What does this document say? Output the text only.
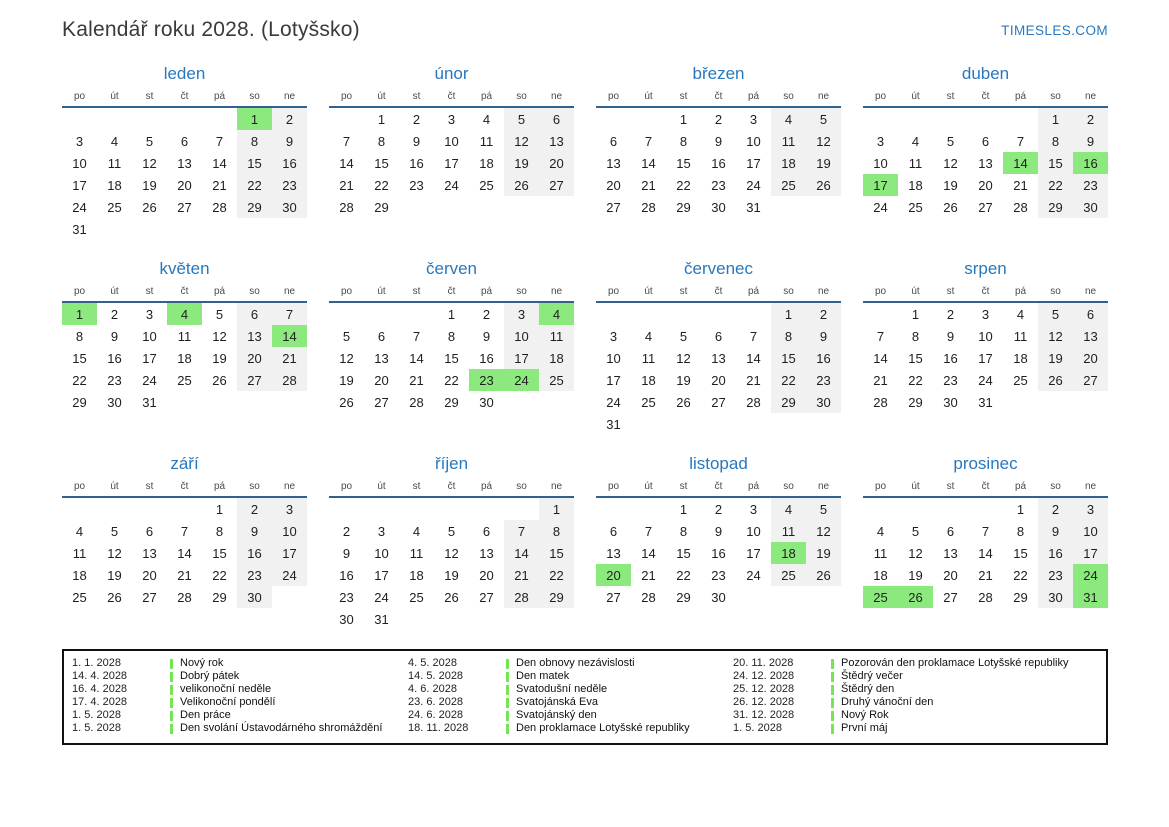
Kalendář roku 2028. (Lotyšsko)	TIMESLES.COM
leden
po	út	st	čt	pá	so	ne
					1	2
3	4	5	6	7	8	9
10	11	12	13	14	15	16
17	18	19	20	21	22	23
24	25	26	27	28	29	30
31						
únor
po	út	st	čt	pá	so	ne
	1	2	3	4	5	6
7	8	9	10	11	12	13
14	15	16	17	18	19	20
21	22	23	24	25	26	27
28	29					
březen
po	út	st	čt	pá	so	ne
		1	2	3	4	5
6	7	8	9	10	11	12
13	14	15	16	17	18	19
20	21	22	23	24	25	26
27	28	29	30	31		
duben
po	út	st	čt	pá	so	ne
					1	2
3	4	5	6	7	8	9
10	11	12	13	14	15	16
17	18	19	20	21	22	23
24	25	26	27	28	29	30
květen
po	út	st	čt	pá	so	ne
1	2	3	4	5	6	7
8	9	10	11	12	13	14
15	16	17	18	19	20	21
22	23	24	25	26	27	28
29	30	31				
červen
po	út	st	čt	pá	so	ne
			1	2	3	4
5	6	7	8	9	10	11
12	13	14	15	16	17	18
19	20	21	22	23	24	25
26	27	28	29	30		
červenec
po	út	st	čt	pá	so	ne
					1	2
3	4	5	6	7	8	9
10	11	12	13	14	15	16
17	18	19	20	21	22	23
24	25	26	27	28	29	30
31						
srpen
po	út	st	čt	pá	so	ne
	1	2	3	4	5	6
7	8	9	10	11	12	13
14	15	16	17	18	19	20
21	22	23	24	25	26	27
28	29	30	31			
září
po	út	st	čt	pá	so	ne
				1	2	3
4	5	6	7	8	9	10
11	12	13	14	15	16	17
18	19	20	21	22	23	24
25	26	27	28	29	30	
říjen
po	út	st	čt	pá	so	ne
						1
2	3	4	5	6	7	8
9	10	11	12	13	14	15
16	17	18	19	20	21	22
23	24	25	26	27	28	29
30	31					
listopad
po	út	st	čt	pá	so	ne
		1	2	3	4	5
6	7	8	9	10	11	12
13	14	15	16	17	18	19
20	21	22	23	24	25	26
27	28	29	30			
prosinec
po	út	st	čt	pá	so	ne
				1	2	3
4	5	6	7	8	9	10
11	12	13	14	15	16	17
18	19	20	21	22	23	24
25	26	27	28	29	30	31
1. 1. 2028	Nový rok
14. 4. 2028	Dobrý pátek
16. 4. 2028	velikonoční neděle
17. 4. 2028	Velikonoční pondělí
1. 5. 2028	Den práce
1. 5. 2028	Den svolání Ústavodárného shromáždění
4. 5. 2028	Den obnovy nezávislosti
14. 5. 2028	Den matek
4. 6. 2028	Svatodušní neděle
23. 6. 2028	Svatojánská Eva
24. 6. 2028	Svatojánský den
18. 11. 2028	Den proklamace Lotyšské republiky
20. 11. 2028	Pozorován den proklamace Lotyšské republiky
24. 12. 2028	Štědrý večer
25. 12. 2028	Štědrý den
26. 12. 2028	Druhý vánoční den
31. 12. 2028	Nový Rok
1. 5. 2028	První máj
